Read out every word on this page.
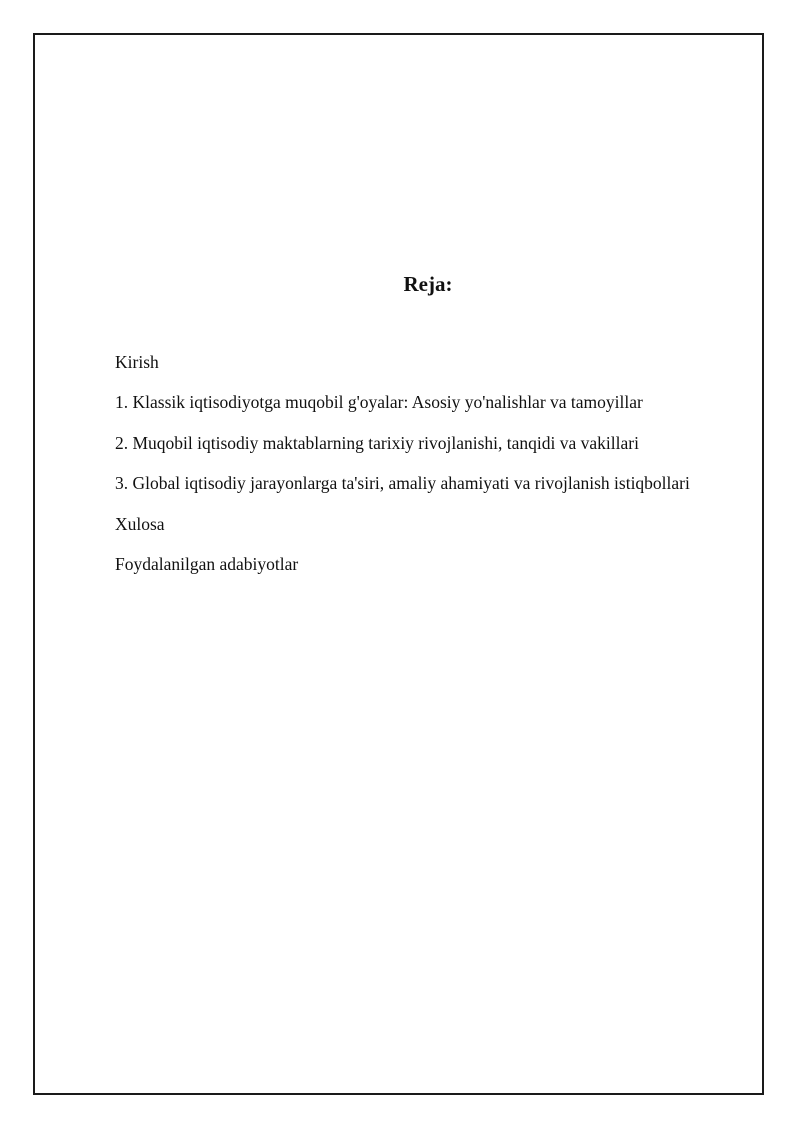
Reja:
Kirish
1. Klassik iqtisodiyotga muqobil g'oyalar: Asosiy yo'nalishlar va tamoyillar
2. Muqobil iqtisodiy maktablarning tarixiy rivojlanishi, tanqidi va vakillari
3. Global iqtisodiy jarayonlarga ta'siri, amaliy ahamiyati va rivojlanish istiqbollari
Xulosa
Foydalanilgan adabiyotlar
